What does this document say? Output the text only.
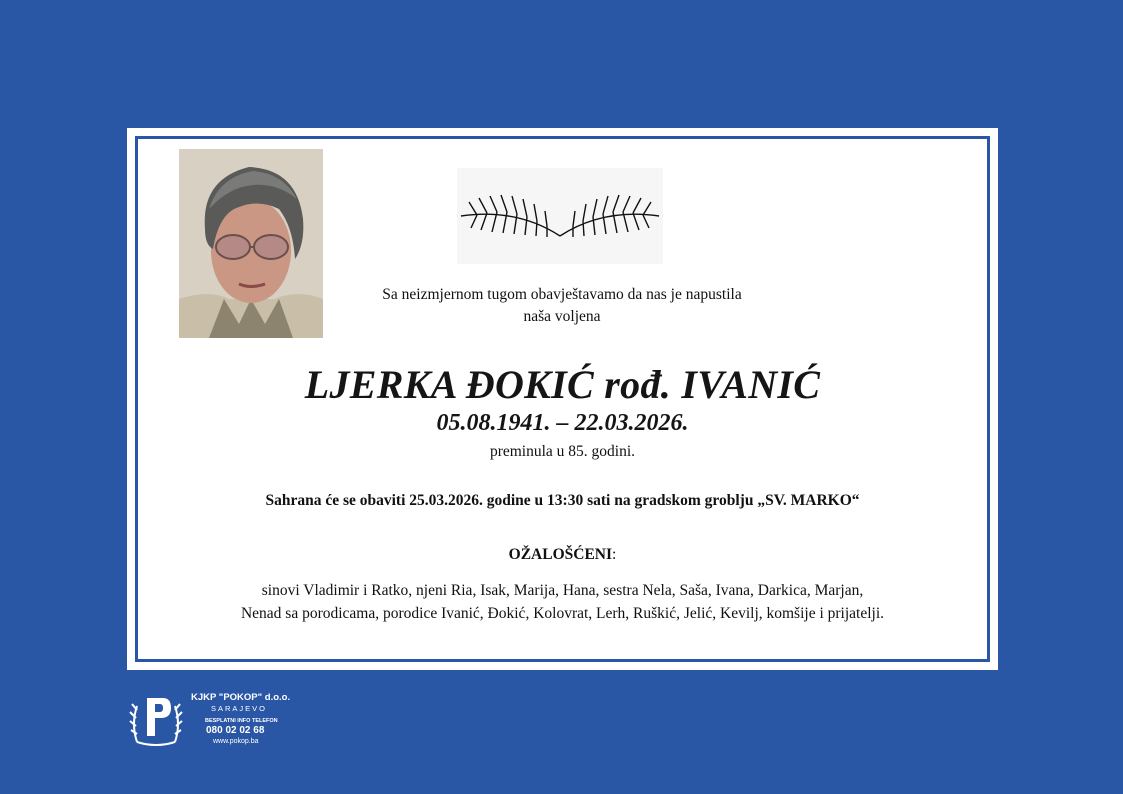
Sa neizmjernom tugom obavještavamo da nas je napustila
naša voljena
LJERKA ĐOKIĆ rođ. IVANIĆ
05.08.1941. – 22.03.2026.
preminula u 85. godini.
Sahrana će se obaviti 25.03.2026. godine u 13:30 sati na gradskom groblju „SV. MARKO“
OŽALOŠĆENI:
sinovi Vladimir i Ratko, njeni Ria, Isak, Marija, Hana, sestra Nela, Saša, Ivana, Darkica, Marjan,
Nenad sa porodicama, porodice Ivanić, Đokić, Kolovrat, Lerh, Ruškić, Jelić, Kevilj, komšije i prijatelji.
KJKP "POKOP" d.o.o.
SARAJEVO
BESPLATNI INFO TELEFON
080 02 02 68
www.pokop.ba
